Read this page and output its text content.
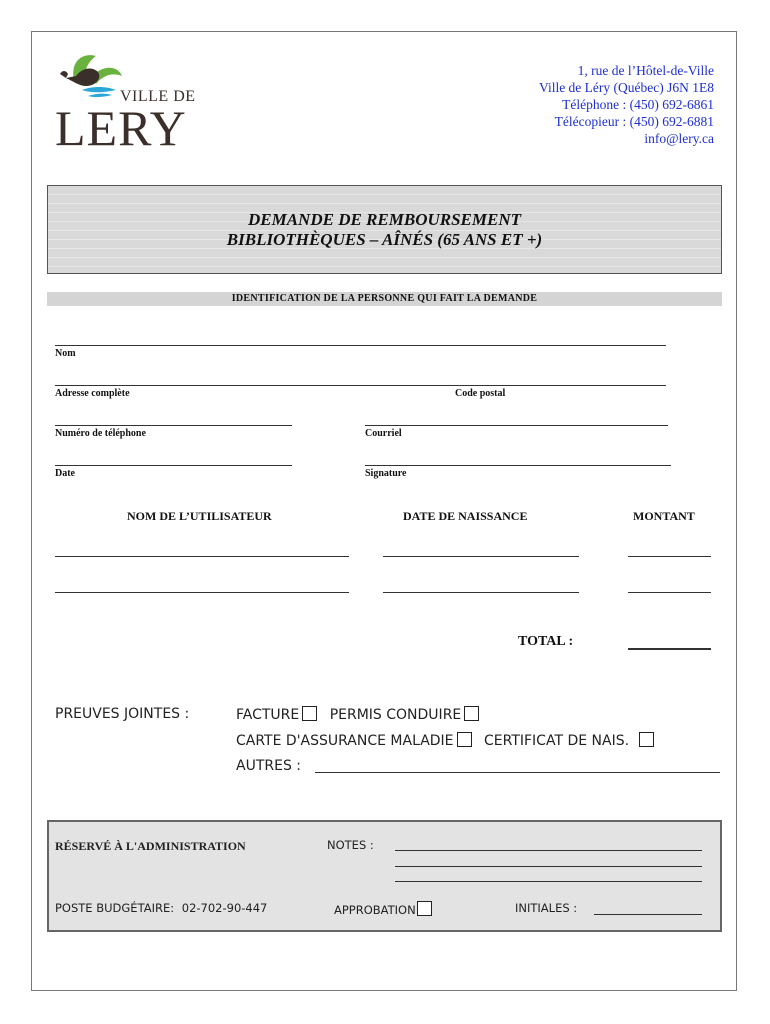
VILLE DE
LERY
1, rue de l’Hôtel-de-Ville
Ville de Léry (Québec) J6N 1E8
Téléphone : (450) 692-6861
Télécopieur : (450) 692-6881
info@lery.ca
DEMANDE DE REMBOURSEMENT
BIBLIOTHÈQUES – AÎNÉS (65 ANS ET +)
IDENTIFICATION DE LA PERSONNE QUI FAIT LA DEMANDE
Nom
Adresse complète	Code postal
Numéro de téléphone	Courriel
Date	Signature
NOM DE L’UTILISATEUR	DATE DE NAISSANCE	MONTANT
TOTAL :
PREUVES JOINTES :	FACTURE PERMIS CONDUIRE
CARTE D'ASSURANCE MALADIE CERTIFICAT DE NAIS.
AUTRES :
RÉSERVÉ À L'ADMINISTRATION	NOTES :
POSTE BUDGÉTAIRE: 02-702-90-447	APPROBATION	INITIALES :
